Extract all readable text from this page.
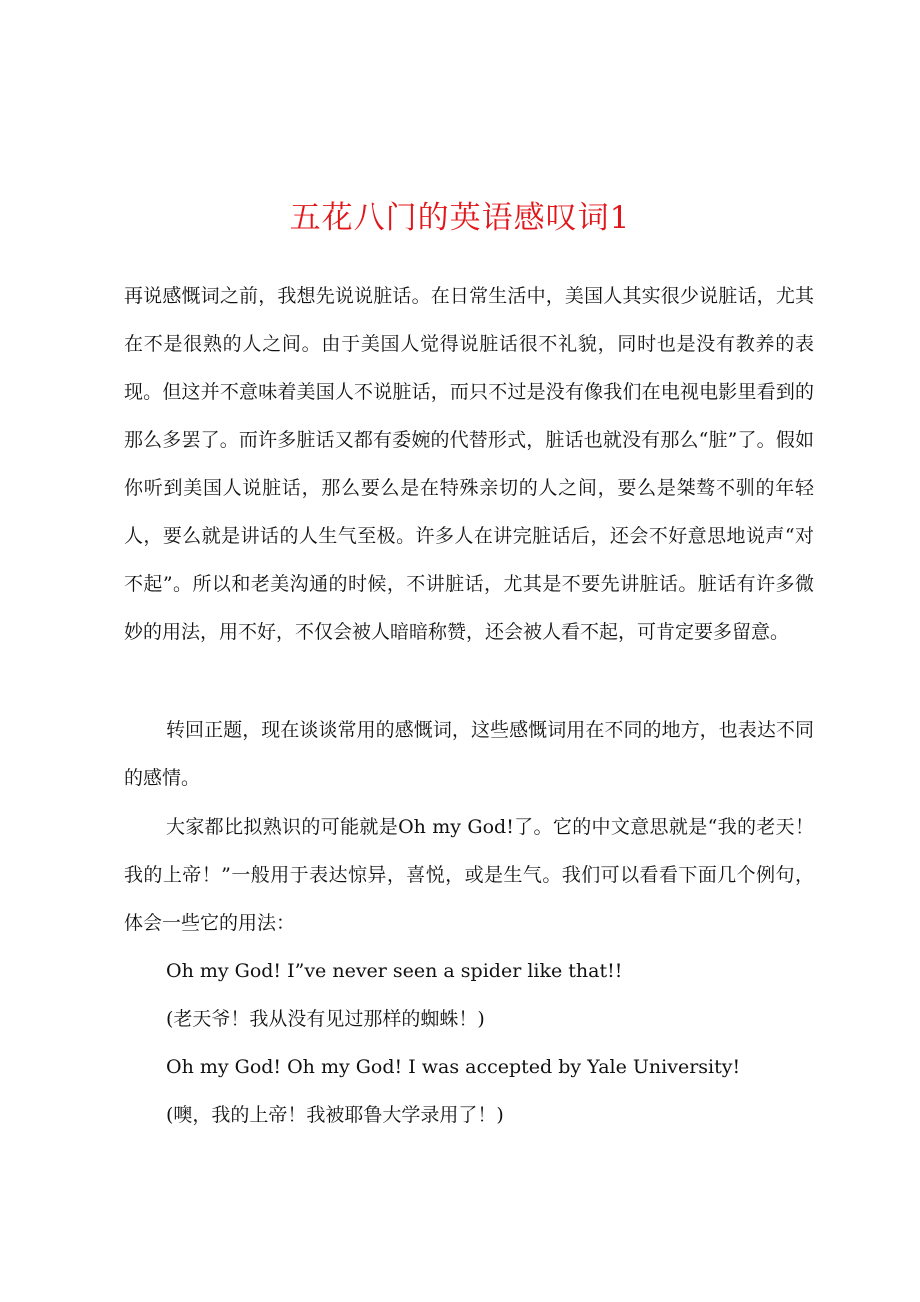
五花八门的英语感叹词1

再说感慨词之前，我想先说说脏话。在日常生活中，美国人其实很少说脏话，尤其在不是很熟的人之间。由于美国人觉得说脏话很不礼貌，同时也是没有教养的表现。但这并不意味着美国人不说脏话，而只不过是没有像我们在电视电影里看到的那么多罢了。而许多脏话又都有委婉的代替形式，脏话也就没有那么“脏”了。假如你听到美国人说脏话，那么要么是在特殊亲切的人之间，要么是桀骜不驯的年轻人，要么就是讲话的人生气至极。许多人在讲完脏话后，还会不好意思地说声“对不起”。所以和老美沟通的时候，不讲脏话，尤其是不要先讲脏话。脏话有许多微妙的用法，用不好，不仅会被人暗暗称赞，还会被人看不起，可肯定要多留意。

转回正题，现在谈谈常用的感慨词，这些感慨词用在不同的地方，也表达不同的感情。

大家都比拟熟识的可能就是Oh my God!了。它的中文意思就是“我的老天！我的上帝！”一般用于表达惊异，喜悦，或是生气。我们可以看看下面几个例句，体会一些它的用法：

Oh my God! I”ve never seen a spider like that!!

(老天爷！我从没有见过那样的蜘蛛！)

Oh my God! Oh my God! I was accepted by Yale University!

(噢，我的上帝！我被耶鲁大学录用了！)
